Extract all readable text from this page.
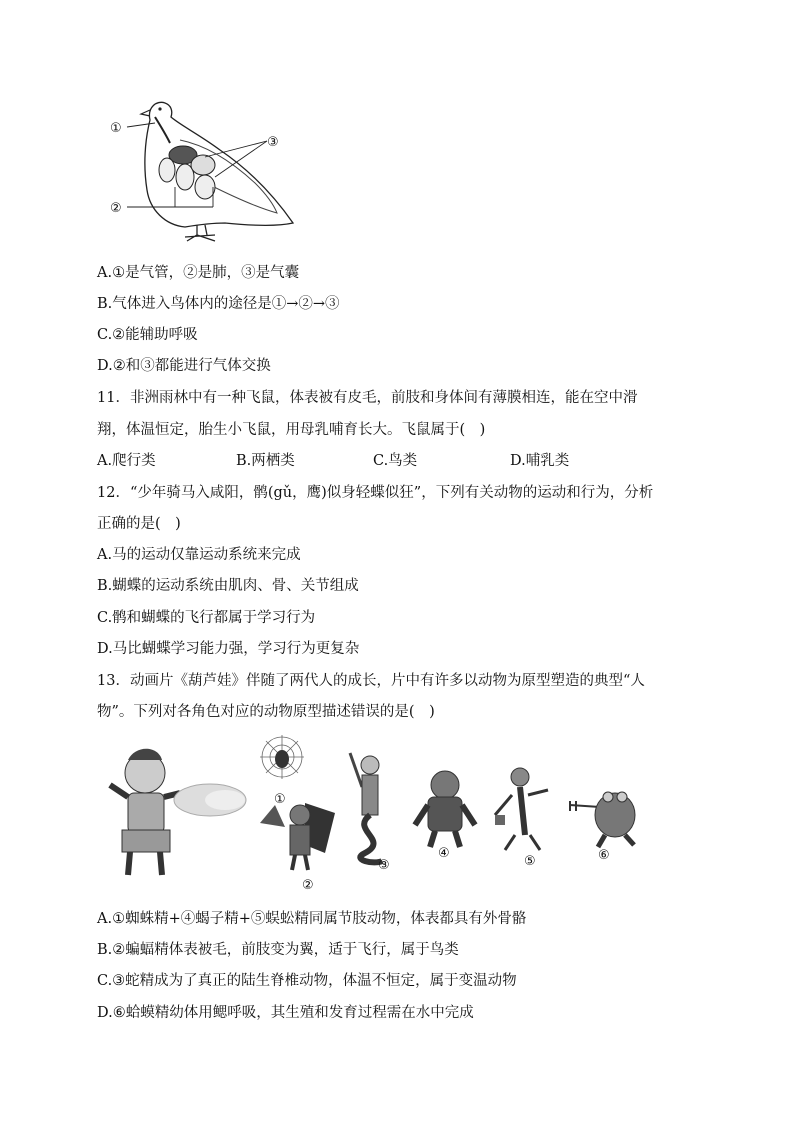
①
②
③
A.①是气管，②是肺，③是气囊
B.气体进入鸟体内的途径是①→②→③
C.②能辅助呼吸
D.②和③都能进行气体交换
11．非洲雨林中有一种飞鼠，体表被有皮毛，前肢和身体间有薄膜相连，能在空中滑
翔，体温恒定，胎生小飞鼠，用母乳哺育长大。飞鼠属于(　)
A.爬行类	B.两栖类	C.鸟类	D.哺乳类
12．“少年骑马入咸阳，鹘(gǔ，鹰)似身轻蝶似狂”，下列有关动物的运动和行为，分析
正确的是(　)
A.马的运动仅靠运动系统来完成
B.蝴蝶的运动系统由肌肉、骨、关节组成
C.鹘和蝴蝶的飞行都属于学习行为
D.马比蝴蝶学习能力强，学习行为更复杂
13．动画片《葫芦娃》伴随了两代人的成长，片中有许多以动物为原型塑造的典型“人
物”。下列对各角色对应的动物原型描述错误的是(　)
①
②
③
④
⑤	⑥
A.①蜘蛛精+④蝎子精+⑤蜈蚣精同属节肢动物，体表都具有外骨骼
B.②蝙蝠精体表被毛，前肢变为翼，适于飞行，属于鸟类
C.③蛇精成为了真正的陆生脊椎动物，体温不恒定，属于变温动物
D.⑥蛤蟆精幼体用鳃呼吸，其生殖和发育过程需在水中完成
